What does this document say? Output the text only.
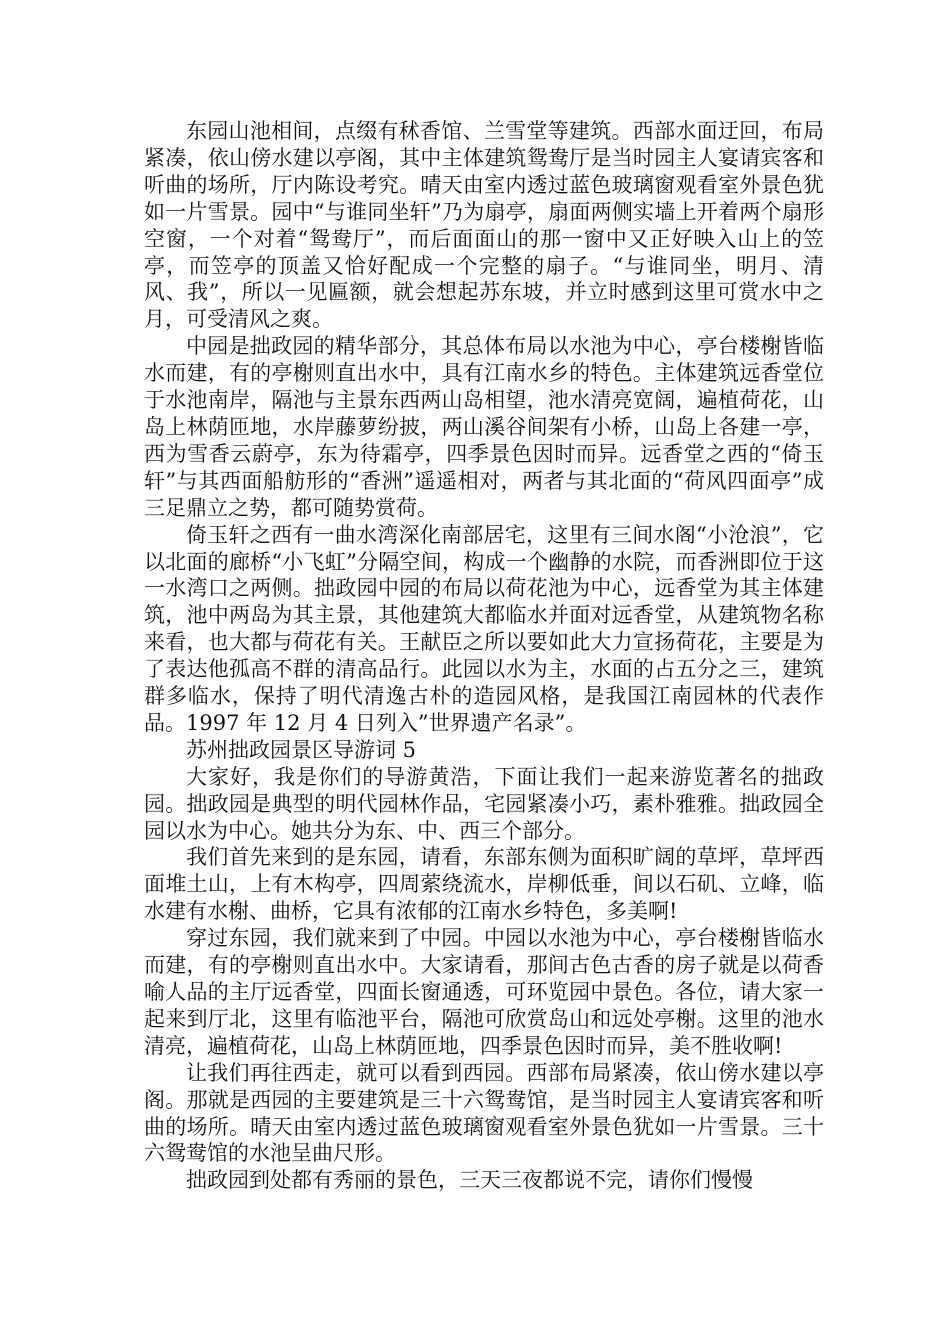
东园山池相间，点缀有秫香馆、兰雪堂等建筑。西部水面迂回，布局紧凑，依山傍水建以亭阁，其中主体建筑鸳鸯厅是当时园主人宴请宾客和听曲的场所，厅内陈设考究。晴天由室内透过蓝色玻璃窗观看室外景色犹如一片雪景。园中“与谁同坐轩”乃为扇亭，扇面两侧实墙上开着两个扇形空窗，一个对着“鸳鸯厅”，而后面面山的那一窗中又正好映入山上的笠亭，而笠亭的顶盖又恰好配成一个完整的扇子。“与谁同坐，明月、清风、我”，所以一见匾额，就会想起苏东坡，并立时感到这里可赏水中之月，可受清风之爽。

中园是拙政园的精华部分，其总体布局以水池为中心，亭台楼榭皆临水而建，有的亭榭则直出水中，具有江南水乡的特色。主体建筑远香堂位于水池南岸，隔池与主景东西两山岛相望，池水清亮宽阔，遍植荷花，山岛上林荫匝地，水岸藤萝纷披，两山溪谷间架有小桥，山岛上各建一亭，西为雪香云蔚亭，东为待霜亭，四季景色因时而异。远香堂之西的“倚玉轩”与其西面船舫形的“香洲”遥遥相对，两者与其北面的“荷风四面亭”成三足鼎立之势，都可随势赏荷。

倚玉轩之西有一曲水湾深化南部居宅，这里有三间水阁“小沧浪”，它以北面的廊桥“小飞虹”分隔空间，构成一个幽静的水院，而香洲即位于这一水湾口之两侧。拙政园中园的布局以荷花池为中心，远香堂为其主体建筑，池中两岛为其主景，其他建筑大都临水并面对远香堂，从建筑物名称来看，也大都与荷花有关。王献臣之所以要如此大力宣扬荷花，主要是为了表达他孤高不群的清高品行。此园以水为主，水面的占五分之三，建筑群多临水，保持了明代清逸古朴的造园风格，是我国江南园林的代表作品。1997 年 12 月 4 日列入”世界遗产名录”。

苏州拙政园景区导游词 5

大家好，我是你们的导游黄浩，下面让我们一起来游览著名的拙政园。拙政园是典型的明代园林作品，宅园紧凑小巧，素朴雅雅。拙政园全园以水为中心。她共分为东、中、西三个部分。

我们首先来到的是东园，请看，东部东侧为面积旷阔的草坪，草坪西面堆土山，上有木构亭，四周萦绕流水，岸柳低垂，间以石矶、立峰，临水建有水榭、曲桥，它具有浓郁的江南水乡特色，多美啊!

穿过东园，我们就来到了中园。中园以水池为中心，亭台楼榭皆临水而建，有的亭榭则直出水中。大家请看，那间古色古香的房子就是以荷香喻人品的主厅远香堂，四面长窗通透，可环览园中景色。各位，请大家一起来到厅北，这里有临池平台，隔池可欣赏岛山和远处亭榭。这里的池水清亮，遍植荷花，山岛上林荫匝地，四季景色因时而异，美不胜收啊!

让我们再往西走，就可以看到西园。西部布局紧凑，依山傍水建以亭阁。那就是西园的主要建筑是三十六鸳鸯馆，是当时园主人宴请宾客和听曲的场所。晴天由室内透过蓝色玻璃窗观看室外景色犹如一片雪景。三十六鸳鸯馆的水池呈曲尺形。

拙政园到处都有秀丽的景色，三天三夜都说不完，请你们慢慢
